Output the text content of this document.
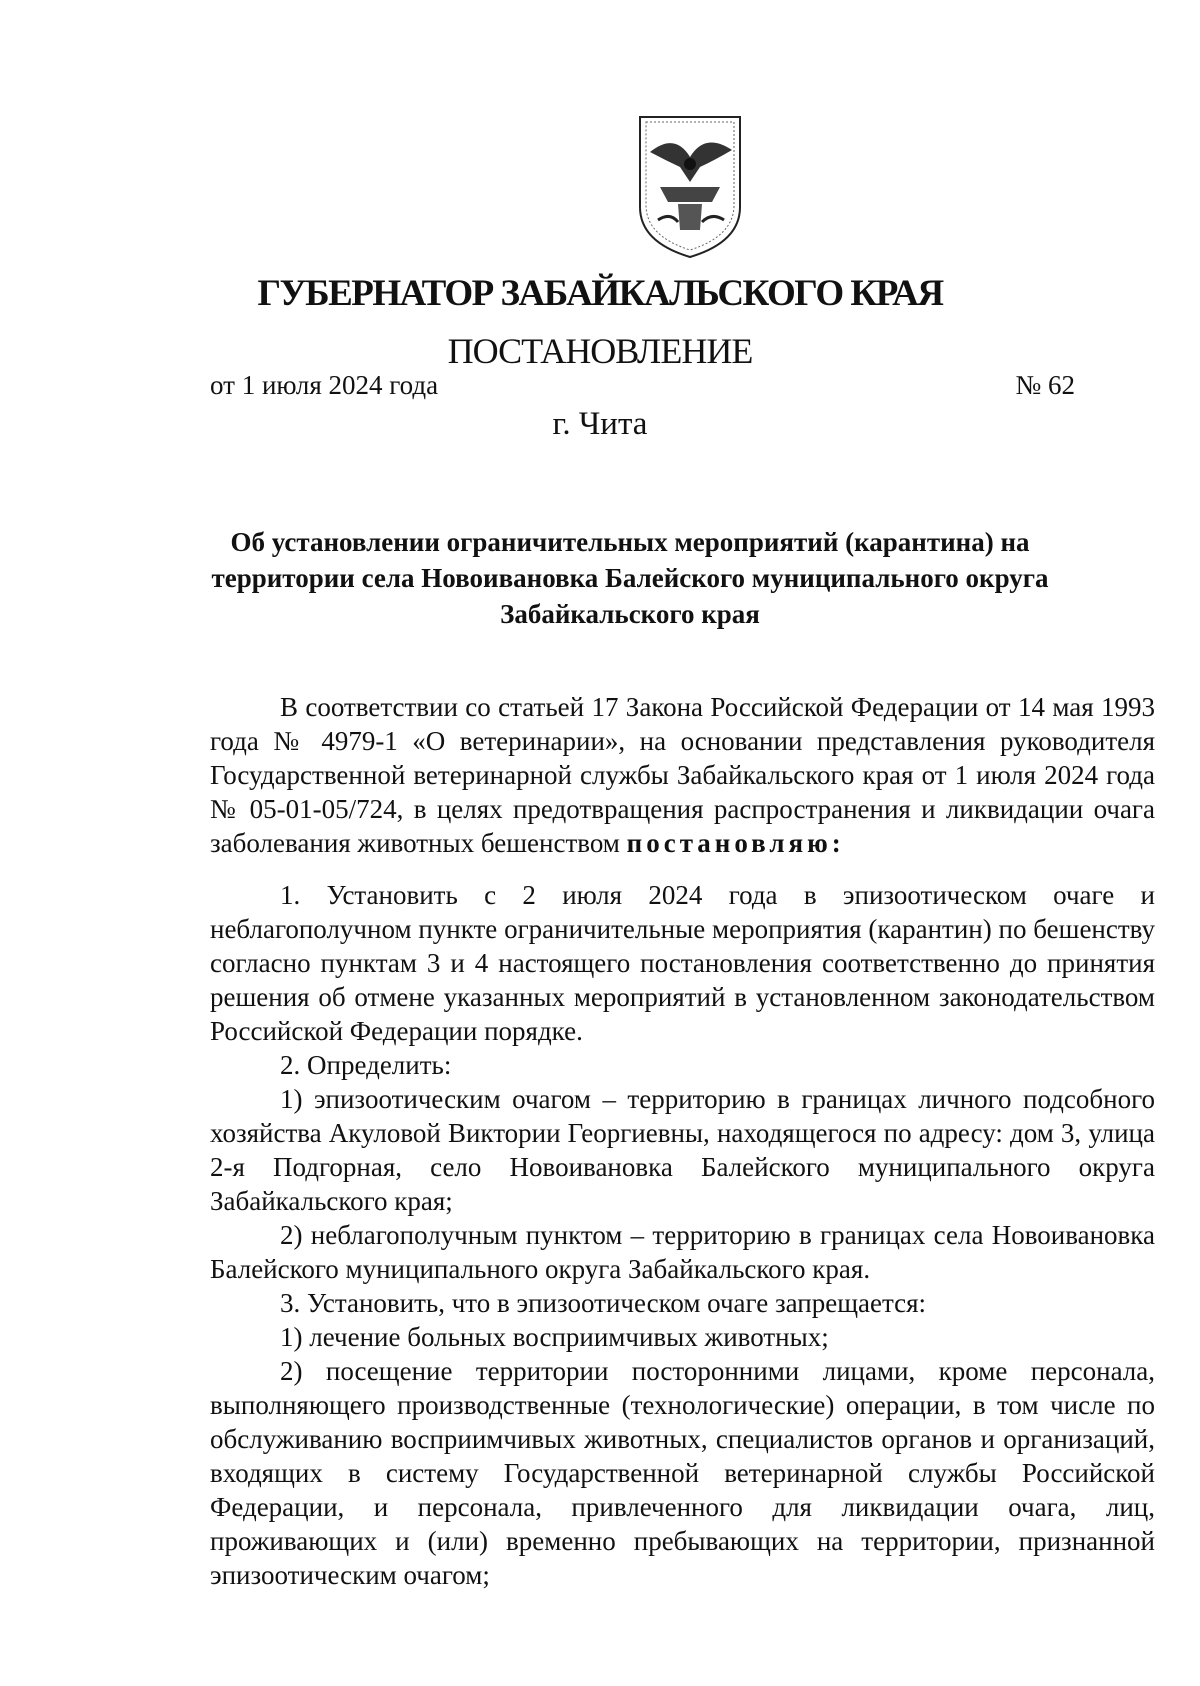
ГУБЕРНАТОР ЗАБАЙКАЛЬСКОГО КРАЯ
ПОСТАНОВЛЕНИЕ
от 1 июля 2024 года	№ 62
г. Чита
Об установлении ограничительных мероприятий (карантина) на
территории села Новоивановка Балейского муниципального округа
Забайкальского края

В соответствии со статьей 17 Закона Российской Федерации от 14 мая 1993 года № 4979-1 «О ветеринарии», на основании представления руководителя Государственной ветеринарной службы Забайкальского края от 1 июля 2024 года № 05-01-05/724, в целях предотвращения распространения и ликвидации очага заболевания животных бешенством постановляю:

1. Установить с 2 июля 2024 года в эпизоотическом очаге и неблагополучном пункте ограничительные мероприятия (карантин) по бешенству согласно пунктам 3 и 4 настоящего постановления соответственно до принятия решения об отмене указанных мероприятий в установленном законодательством Российской Федерации порядке.

2. Определить:

1) эпизоотическим очагом – территорию в границах личного подсобного хозяйства Акуловой Виктории Георгиевны, находящегося по адресу: дом 3, улица 2-я Подгорная, село Новоивановка Балейского муниципального округа Забайкальского края;

2) неблагополучным пунктом – территорию в границах села Новоивановка Балейского муниципального округа Забайкальского края.

3. Установить, что в эпизоотическом очаге запрещается:

1) лечение больных восприимчивых животных;

2) посещение территории посторонними лицами, кроме персонала, выполняющего производственные (технологические) операции, в том числе по обслуживанию восприимчивых животных, специалистов органов и организаций, входящих в систему Государственной ветеринарной службы Российской Федерации, и персонала, привлеченного для ликвидации очага, лиц, проживающих и (или) временно пребывающих на территории, признанной эпизоотическим очагом;
